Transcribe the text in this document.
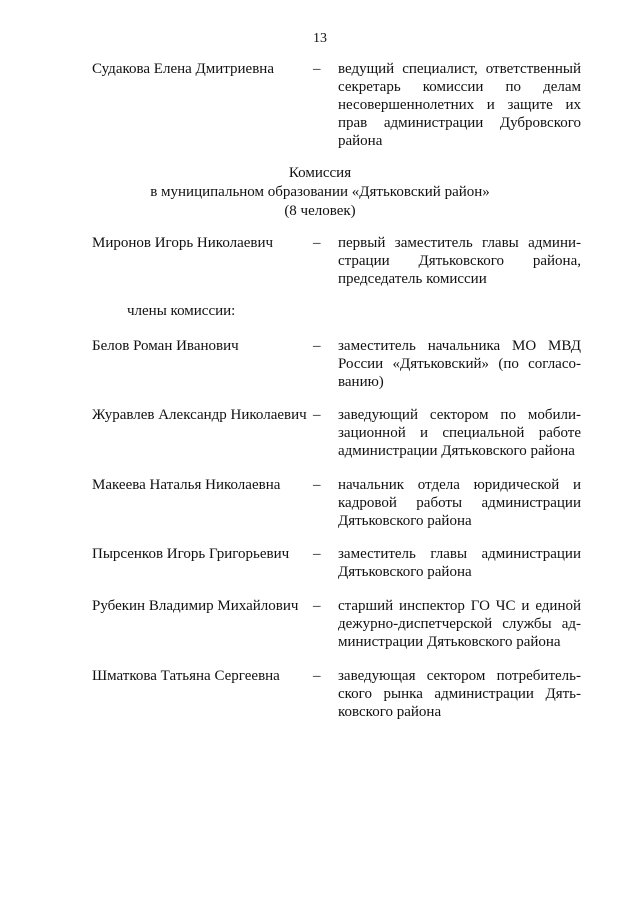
13
Судакова Елена Дмитриевна	– ведущий специалист, ответственный
секретарь комиссии по делам
несовершеннолетних и защите их
прав администрации Дубровского
района
Комиссия
в муниципальном образовании «Дятьковский район»
(8 человек)
Миронов Игорь Николаевич	– первый заместитель главы админи-
страции Дятьковского района,
председатель комиссии
члены комиссии:
Белов Роман Иванович	– заместитель начальника МО МВД
России «Дятьковский» (по согласо-
ванию)
Журавлев Александр Николаевич – заведующий сектором по мобили-
зационной и специальной работе
администрации Дятьковского района
Макеева Наталья Николаевна – начальник отдела юридической и
кадровой работы администрации
Дятьковского района
Пырсенков Игорь Григорьевич – заместитель главы администрации
Дятьковского района
Рубекин Владимир Михайлович – старший инспектор ГО ЧС и единой
дежурно-диспетчерской службы ад-
министрации Дятьковского района
Шматкова Татьяна Сергеевна – заведующая сектором потребитель-
ского рынка администрации Дять-
ковского района
